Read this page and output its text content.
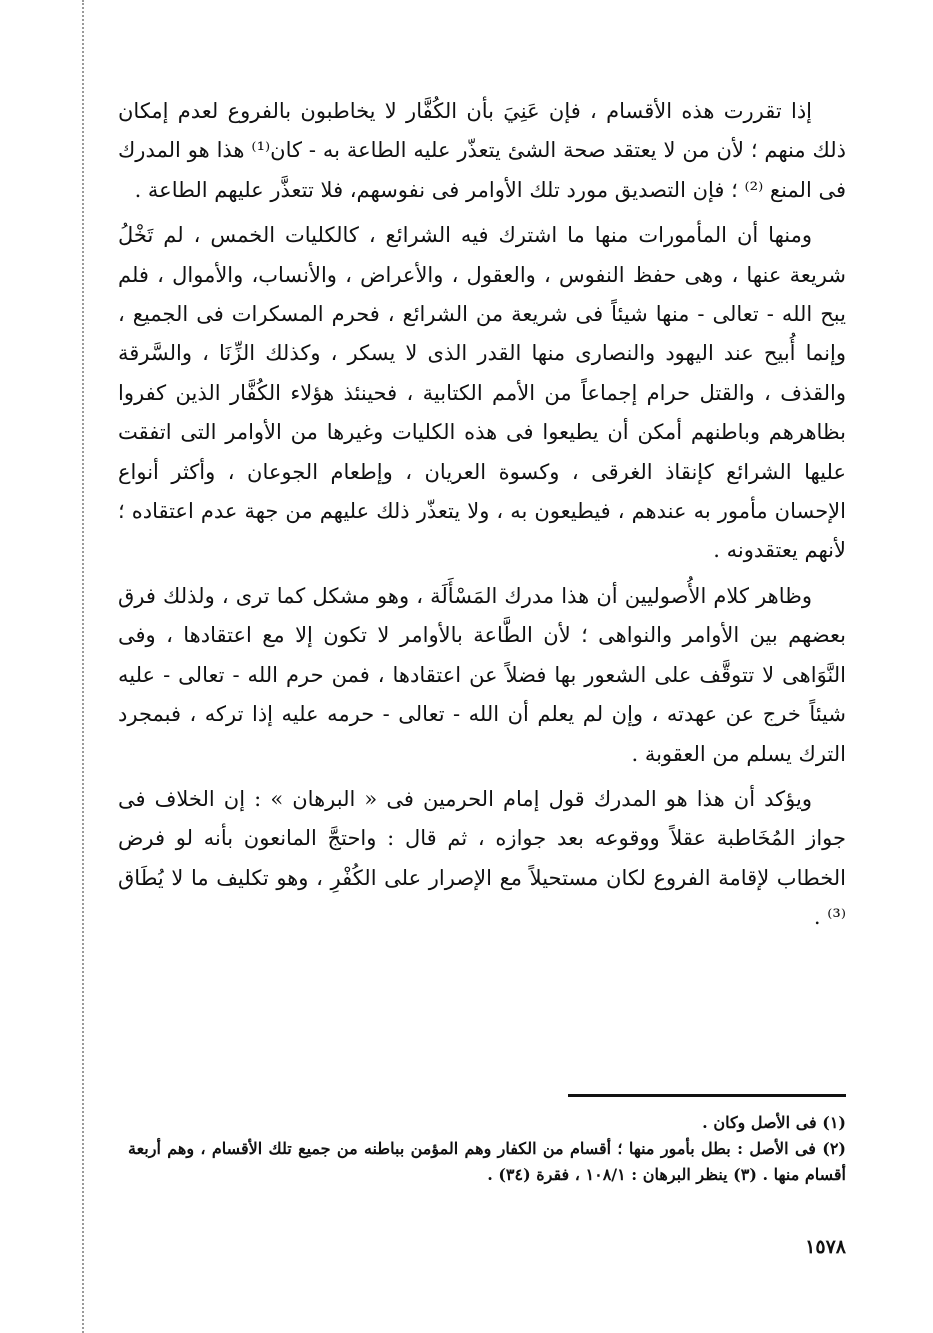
إذا تقررت هذه الأقسام ، فإن عَنِيَ بأن الكُفَّار لا يخاطبون بالفروع لعدم إمكان ذلك منهم ؛ لأن من لا يعتقد صحة الشئ يتعذّر عليه الطاعة به - كان⁽¹⁾ هذا هو المدرك فى المنع ⁽²⁾ ؛ فإن التصديق مورد تلك الأوامر فى نفوسهم، فلا تتعذَّر عليهم الطاعة .

ومنها أن المأمورات منها ما اشترك فيه الشرائع ، كالكليات الخمس ، لم تَخْلُ شريعة عنها ، وهى حفظ النفوس ، والعقول ، والأعراض ، والأنساب، والأموال ، فلم يبح الله - تعالى - منها شيئاً فى شريعة من الشرائع ، فحرم المسكرات فى الجميع ، وإنما أُبيح عند اليهود والنصارى منها القدر الذى لا يسكر ، وكذلك الزِّنَا ، والسَّرقة والقذف ، والقتل حرام إجماعاً من الأمم الكتابية ، فحينئذ هؤلاء الكُفَّار الذين كفروا بظاهرهم وباطنهم أمكن أن يطيعوا فى هذه الكليات وغيرها من الأوامر التى اتفقت عليها الشرائع كإنقاذ الغرقى ، وكسوة العريان ، وإطعام الجوعان ، وأكثر أنواع الإحسان مأمور به عندهم ، فيطيعون به ، ولا يتعذّر ذلك عليهم من جهة عدم اعتقاده ؛ لأنهم يعتقدونه .

وظاهر كلام الأُصوليين أن هذا مدرك المَسْأَلَة ، وهو مشكل كما ترى ، ولذلك فرق بعضهم بين الأوامر والنواهى ؛ لأن الطَّاعة بالأوامر لا تكون إلا مع اعتقادها ، وفى النَّوَاهى لا تتوقَّف على الشعور بها فضلاً عن اعتقادها ، فمن حرم الله - تعالى - عليه شيئاً خرج عن عهدته ، وإن لم يعلم أن الله - تعالى - حرمه عليه إذا تركه ، فبمجرد الترك يسلم من العقوبة .

ويؤكد أن هذا هو المدرك قول إمام الحرمين فى « البرهان » : إن الخلاف فى جواز المُخَاطبة عقلاً ووقوعه بعد جوازه ، ثم قال : واحتجَّ المانعون بأنه لو فرض الخطاب لإقامة الفروع لكان مستحيلاً مع الإصرار على الكُفْرِ ، وهو تكليف ما لا يُطَاق ⁽³⁾ .

(١) فى الأصل وكان .

(٢) فى الأصل : بطل بأمور منها ؛ أقسام من الكفار وهم المؤمن بباطنه من جميع تلك الأقسام ، وهم أربعة أقسام منها . (٣) ينظر البرهان : ١٠٨/١ ، فقرة (٣٤) .

١٥٧٨
